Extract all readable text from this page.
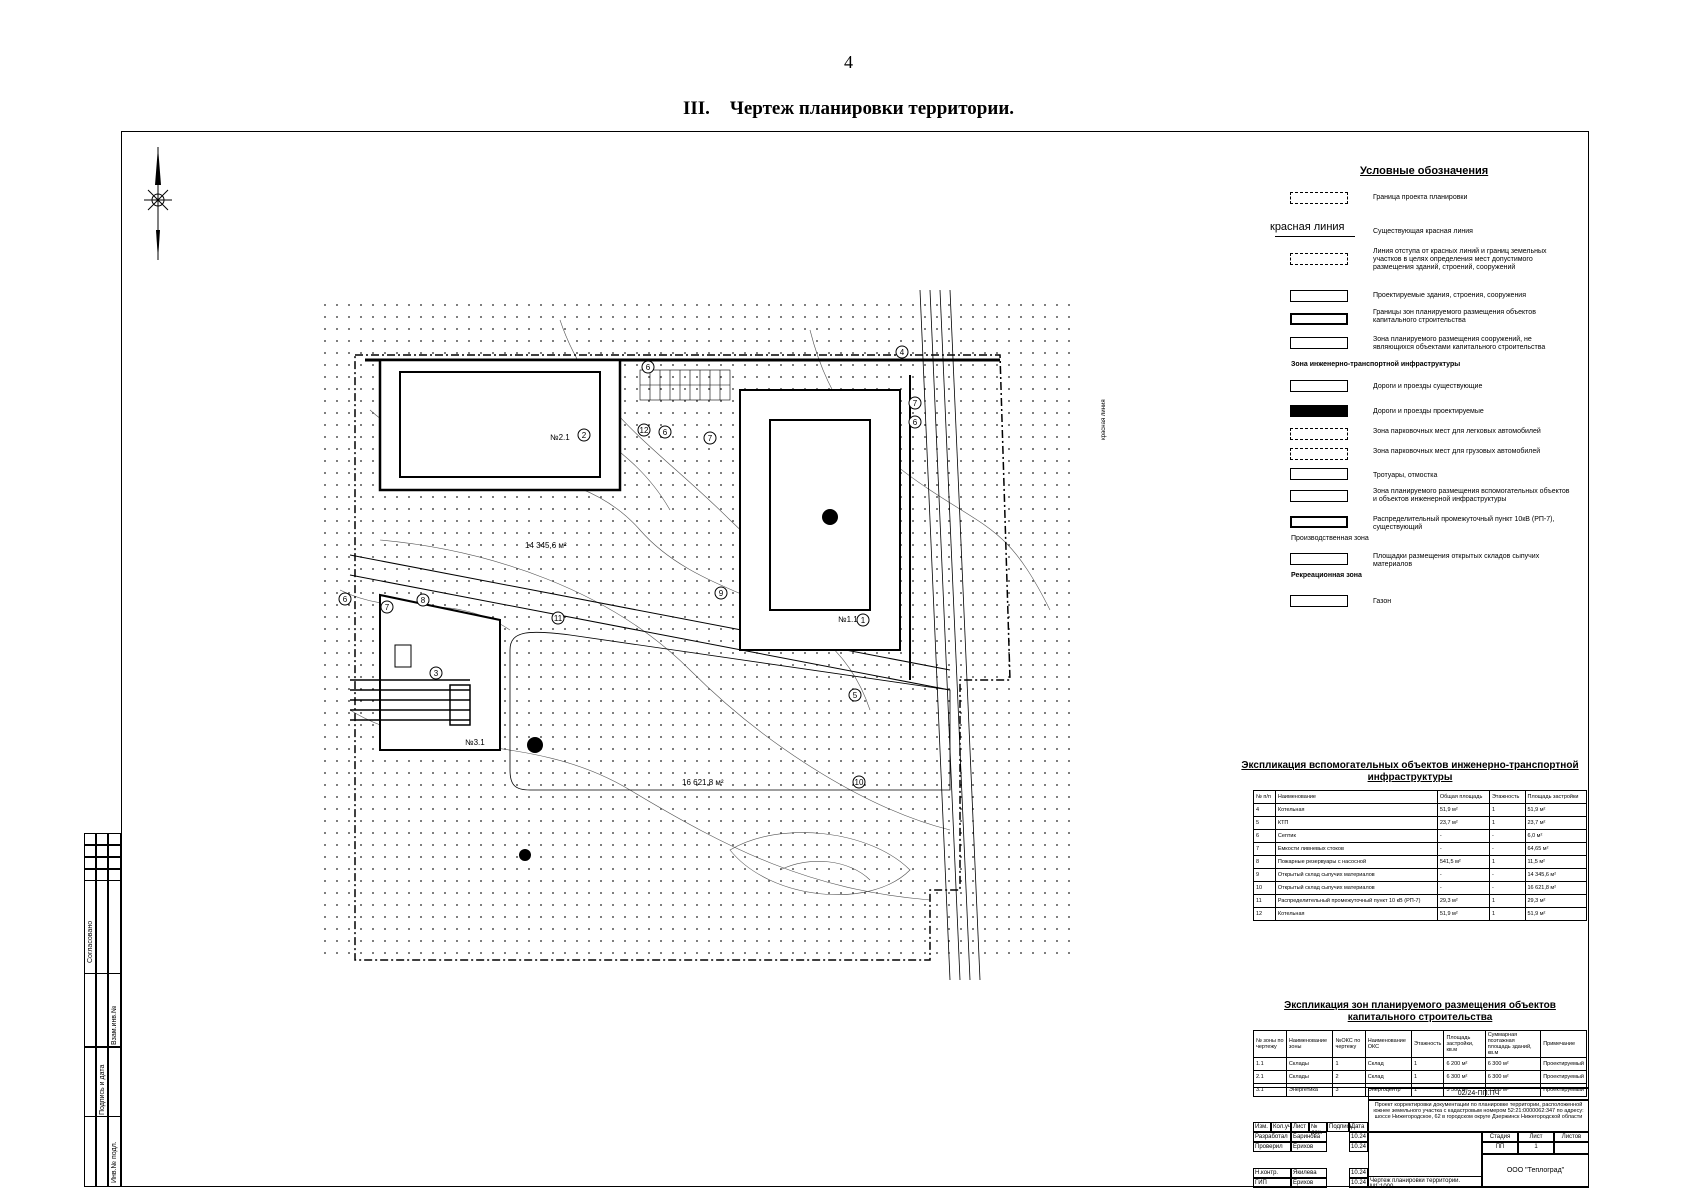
4
III. Чертеж планировки территории.
Согласовано
Взам.инв.№
Подпись и дата
Инв.№ подл.
1
2
3
4
5
6
6
6
6
7
7
7
8
9
10
11
12
№1.1
№2.1
№3.1
14 345,6 м²
16 621,8 м²
красная линия
Условные обозначения
Граница проекта планировки
красная линия	Существующая красная линия
Линия отступа от красных линий и границ земельных участков в целях определения мест допустимого размещения зданий, строений, сооружений
Проектируемые здания, строения, сооружения
Границы зон планируемого размещения объектов капитального строительства
Зона планируемого размещения сооружений, не являющихся объектами капитального строительства
Зона инженерно-транспортной инфраструктуры
Дороги и проезды существующие
Дороги и проезды проектируемые
Зона парковочных мест для легковых автомобилей
Зона парковочных мест для грузовых автомобилей
Тротуары, отмостка
Зона планируемого размещения вспомогательных объектов и объектов инженерной инфраструктуры
Распределительный промежуточный пункт 10кВ (РП-7), существующий
Производственная зона
Площадки размещения открытых складов сыпучих материалов
Рекреационная зона
Газон
Экспликация вспомогательных объектов инженерно-транспортной инфраструктуры
№ п/п	Наименование	Общая площадь	Этажность	Площадь застройки
4	Котельная	51,9 м²	1	51,9 м²
5	КТП	23,7 м²	1	23,7 м²
6	Септик	-	-	6,0 м²
7	Емкости ливневых стоков	-	-	64,65 м²
8	Пожарные резервуары с насосной	541,5 м²	1	11,5 м²
9	Открытый склад сыпучих материалов	-	-	14 345,6 м²
10	Открытый склад сыпучих материалов	-	-	16 621,8 м²
11	Распределительный промежуточный пункт 10 кВ (РП-7)	29,3 м²	1	29,3 м²
12	Котельная	51,9 м²	1	51,9 м²
Экспликация зон планируемого размещения объектов капитального строительства
№ зоны по чертежу	Наименование зоны	№ОКС по чертежу	Наименование ОКС	Этажность	Площадь застройки, кв.м	Суммарная поэтажная площадь зданий, кв.м	Примечание
1.1	Склады	1	Склад	1	6 200 м²	6 300 м²	Проектируемый
2.1	Склады	2	Склад	1	6 300 м²	6 300 м²	Проектируемый
3.1	Энергетика	3	Энергоцентр	1	3 500 м²	3 500 м²	Проектируемый
02/24-ПП.ПЧ
Проект корректировки документации по планировке территории, расположенной южнее земельного участка с кадастровым номером 52:21:0000062:347 по адресу: шоссе Нижегородское, 62 в городском округе Дзержинск Нижегородской области
Изм. Кол.уч. Лист № док.
Подпись
Дата
Разработал Баринова	10.24
Проверил	Ерихов	10.24
Н.контр.	Якилева	10.24
ГИП	Ерихов	10.24 Чертеж планировки территории. М1:1000
Стадия	Лист	Листов
ПП	1
ООО "Теплоград"
